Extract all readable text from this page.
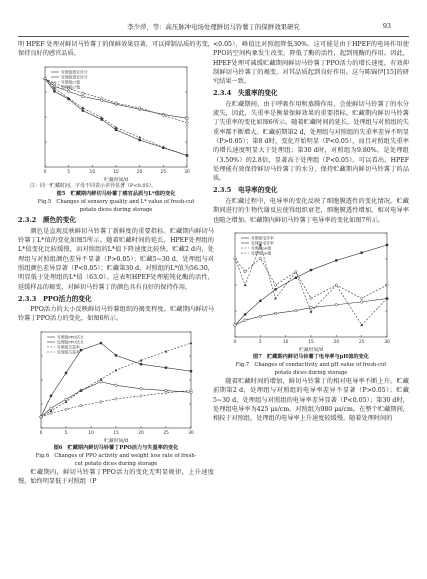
李少萍，等：高压脉冲电场处理鲜切马铃薯丁的保鲜效果研究	93

明 HPEF 处理对鲜切马铃薯丁的保鲜效果显著，可以抑制品质的劣变，保持良好的感官品质。

0	5	10	15	20	25	30
贮藏时间/d
对照组感官评分
处理组感官评分
对照组L*值
处理组L*值

注：同一贮藏时间，字母不同表示差异显著（P<0.05）。

图5　贮藏期内鲜切马铃薯丁感官品质与L*值的变化

Fig.5　Changes of sensory quality and L* value of fresh-cut

potato dices during storage

2.3.2　颜色的变化

颜色是直观反映鲜切马铃薯丁新鲜度的重要指标。贮藏期内鲜切马铃薯丁L*值的变化如图5所示。随着贮藏时间的延长，HPEF处理组的L*值变化比较缓慢，而对照组的L*值下降速度比较快。贮藏2 d内，处理组与对照组颜色差异不显著（P>0.05）；贮藏5~30 d，处理组与对照组颜色差异显著（P<0.05）；贮藏第30 d，对照组的L*值为56.30，明显低于处理组的L*值（63.0）。这表明HPEF处理能钝化酶的活性，延缓样品的褐变，对鲜切马铃薯丁的颜色具有良好的保持作用。

2.3.3　PPO活力的变化

PPO活力的大小反映鲜切马铃薯组织的褐变程度。贮藏期内鲜切马铃薯丁PPO活力的变化，如图6所示。

0	5	10	15	20	25	30
贮藏时间/d
对照组PPO活力
处理组PPO活力
对照组失重率
处理组失重率

图6　贮藏期内鲜切马铃薯丁PPO活力与失重率的变化

Fig.6　Changes of PPO activity and weight loss rate of fresh-

cut potato dices during storage

贮藏期内，鲜切马铃薯丁PPO活力的变化无明显规律，上升速度慢，始终明显低于对照组（P

<0.05），峰值比对照组降低30%。这可能是由于HPEF的电场作用使PPO的空间构象发生改变，降低了酶的活性，起到钝酶的作用。因此，HPEF处理可减缓贮藏期间鲜切马铃薯丁PPO活力的增长速度，有效抑制鲜切马铃薯丁的褐变，对其品质起到良好作用。这与陈锦伊[15]的研究结果一致。

2.3.4　失重率的变化

在贮藏期间，由于呼吸作用和蒸腾作用，会使鲜切马铃薯丁的水分流失，因此，失重率是衡量保鲜效果的重要指标。贮藏期内鲜切马铃薯丁失重率的变化如图6所示。随着贮藏时间的延长，处理组与对照组的失重率都不断增大。贮藏前期第2 d，处理组与对照组的失重率差异不明显（P>0.05）；第8 d时，变化开始明显（P<0.05），而且对照组失重率的增长速度明显大于处理组；第30 d时，对照组为9.80%，是处理组（3.50%）的2.8倍，显著高于处理组（P<0.05）。可以看出，HPEF处理能有效保持鲜切马铃薯丁的水分，保持贮藏期内鲜切马铃薯丁的品质。

2.3.5　电导率的变化

在贮藏过程中，电导率的变化反映了细胞膜透性的变化情况。贮藏期间进行的生物代谢反应使得组织衰老，细胞膜透性增加，相对电导率也随之增加。贮藏期内鲜切马铃薯丁电导率的变化如图7所示。

0	5	10	15	20	25	30
贮藏时间/d
对照组电导率
处理组电导率
对照组pH值
处理组pH值

图7　贮藏期内鲜切马铃薯丁电导率与pH值的变化

Fig.7　Changes of conductivity and pH value of fresh-cut

potato dices during storage

随着贮藏时间的增加，鲜切马铃薯丁的相对电导率不断上升。贮藏前期第2 d，处理组与对照组的电导率差异不显著（P>0.05）；贮藏5~30 d，处理组与对照组的电导率差异显著（P<0.05）；第30 d时，处理组电导率为425 μs/cm，对照组为980 μs/cm。在整个贮藏期间，相较于对照组，处理组的电导率上升速度较缓慢。随着处理时间的
